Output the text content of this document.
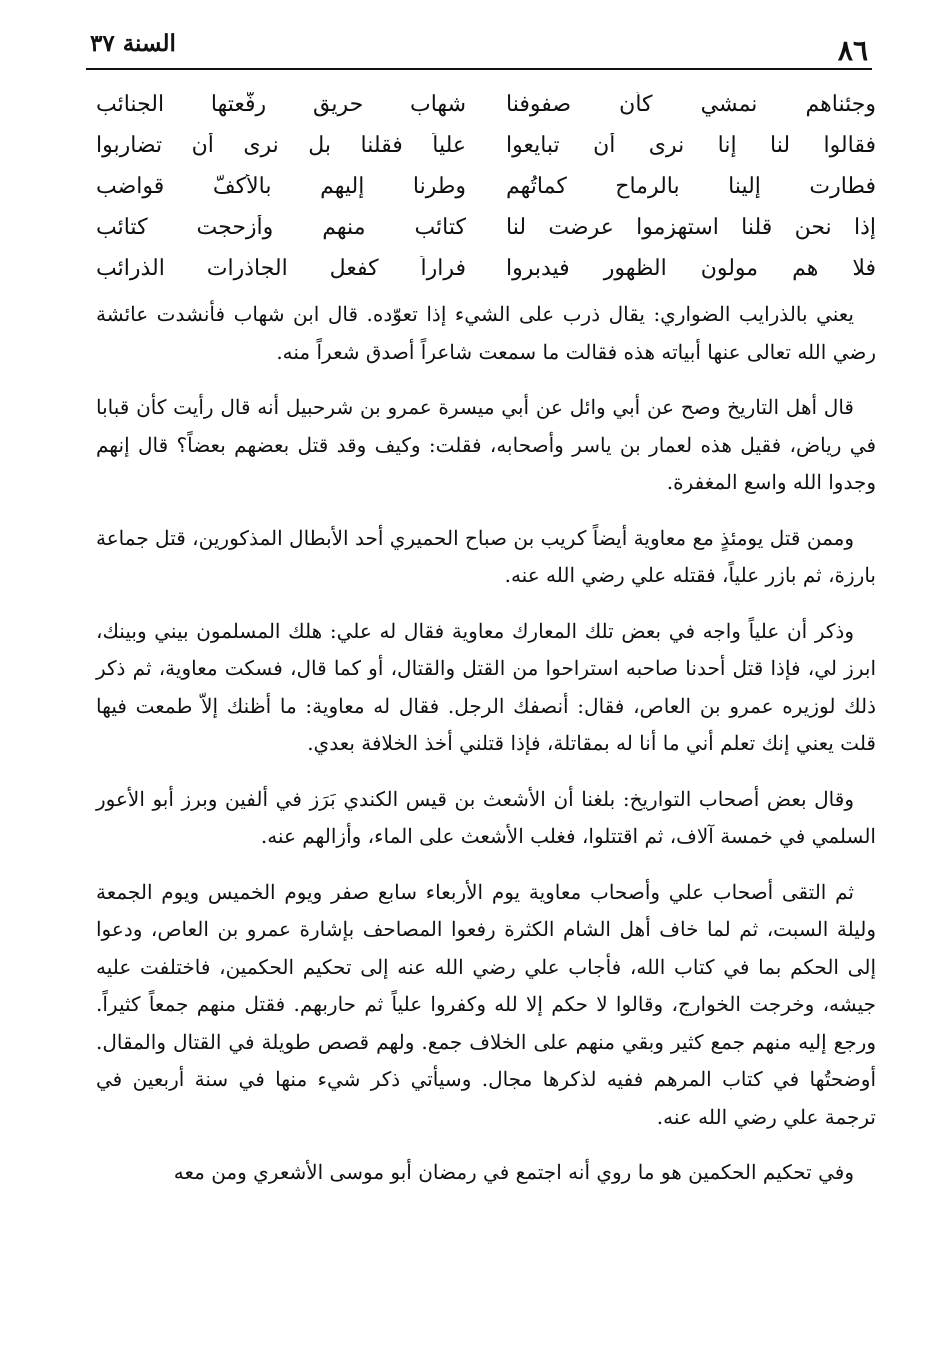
٨٦
السنة ٣٧
وجئناهم نمشي كأن صفوفنا
شهاب حريق رفّعتها الجنائب
فقالوا لنا إنا نرى أن تبايعوا
علياً فقلنا بل نرى أن تضاربوا
فطارت إلينا بالرماح كماتُهم
وطرنا إليهم بالأكفّ قواضب
إذا نحن قلنا استهزموا عرضت لنا
كتائب منهم وأزحجت كتائب
فلا هم مولون الظهور فيدبروا
فراراً كفعل الجاذرات الذرائب

يعني بالذرايب الضواري: يقال ذرب على الشيء إذا تعوّده. قال ابن شهاب فأنشدت عائشة رضي الله تعالى عنها أبياته هذه فقالت ما سمعت شاعراً أصدق شعراً منه.

قال أهل التاريخ وصح عن أبي وائل عن أبي ميسرة عمرو بن شرحبيل أنه قال رأيت كأن قبابا في رياض، فقيل هذه لعمار بن ياسر وأصحابه، فقلت: وكيف وقد قتل بعضهم بعضاً؟ قال إنهم وجدوا الله واسع المغفرة.

وممن قتل يومئذٍ مع معاوية أيضاً كريب بن صباح الحميري أحد الأبطال المذكورين، قتل جماعة بارزة، ثم بازر علياً، فقتله علي رضي الله عنه.

وذكر أن علياً واجه في بعض تلك المعارك معاوية فقال له علي: هلك المسلمون بيني وبينك، ابرز لي، فإذا قتل أحدنا صاحبه استراحوا من القتل والقتال، أو كما قال، فسكت معاوية، ثم ذكر ذلك لوزيره عمرو بن العاص، فقال: أنصفك الرجل. فقال له معاوية: ما أظنك إلاّ طمعت فيها قلت يعني إنك تعلم أني ما أنا له بمقاتلة، فإذا قتلني أخذ الخلافة بعدي.

وقال بعض أصحاب التواريخ: بلغنا أن الأشعث بن قيس الكندي بَرَز في ألفين وبرز أبو الأعور السلمي في خمسة آلاف، ثم اقتتلوا، فغلب الأشعث على الماء، وأزالهم عنه.

ثم التقى أصحاب علي وأصحاب معاوية يوم الأربعاء سابع صفر ويوم الخميس ويوم الجمعة وليلة السبت، ثم لما خاف أهل الشام الكثرة رفعوا المصاحف بإشارة عمرو بن العاص، ودعوا إلى الحكم بما في كتاب الله، فأجاب علي رضي الله عنه إلى تحكيم الحكمين، فاختلفت عليه جيشه، وخرجت الخوارج، وقالوا لا حكم إلا لله وكفروا علياً ثم حاربهم. فقتل منهم جمعاً كثيراً. ورجع إليه منهم جمع كثير وبقي منهم على الخلاف جمع. ولهم قصص طويلة في القتال والمقال. أوضحتُها في كتاب المرهم ففيه لذكرها مجال. وسيأتي ذكر شيء منها في سنة أربعين في ترجمة علي رضي الله عنه.

وفي تحكيم الحكمين هو ما روي أنه اجتمع في رمضان أبو موسى الأشعري ومن معه
